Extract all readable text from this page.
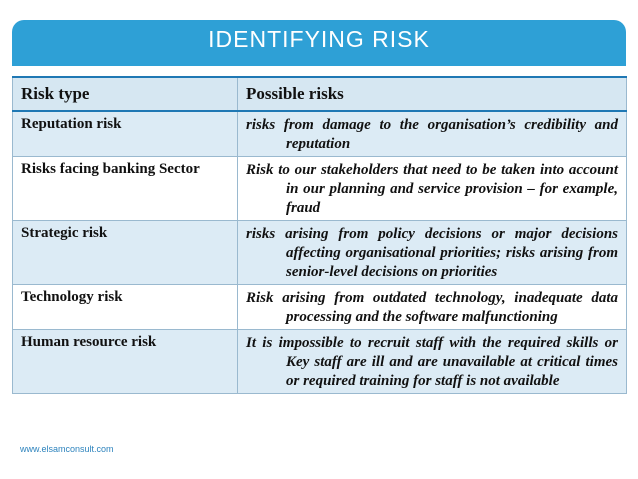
IDENTIFYING RISK
Risk type	Possible risks
Reputation risk	risks from damage to the organisation’s credibility and reputation
Risks facing banking Sector	Risk to our stakeholders that need to be taken into account in our planning and service provision – for example, fraud
Strategic risk	risks arising from policy decisions or major decisions affecting organisational priorities; risks arising from senior-level decisions on priorities
Technology risk	Risk arising from outdated technology, inadequate data processing and the software malfunctioning
Human resource risk	It is impossible to recruit staff with the required skills or Key staff are ill and are unavailable at critical times or required training for staff is not available
www.elsamconsult.com
